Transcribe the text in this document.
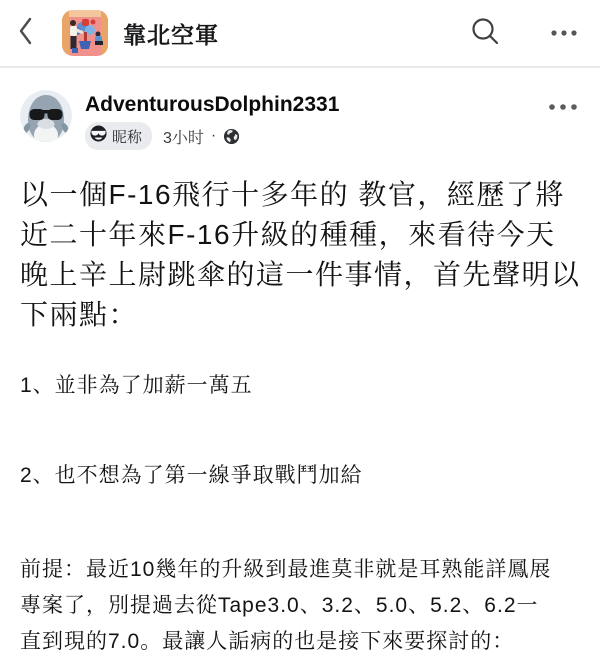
靠北空軍
AdventurousDolphin2331
昵称 3小时 ·
以一個F-16飛行十多年的 教官，經歷了將
近二十年來F-16升級的種種，來看待今天
晚上辛上尉跳傘的這一件事情，首先聲明以
下兩點：
1、並非為了加薪一萬五
2、也不想為了第一線爭取戰鬥加給
前提：最近10幾年的升級到最進莫非就是耳熟能詳鳳展
專案了，別提過去從Tape3.0、3.2、5.0、5.2、6.2一
直到現的7.0。最讓人詬病的也是接下來要探討的：
